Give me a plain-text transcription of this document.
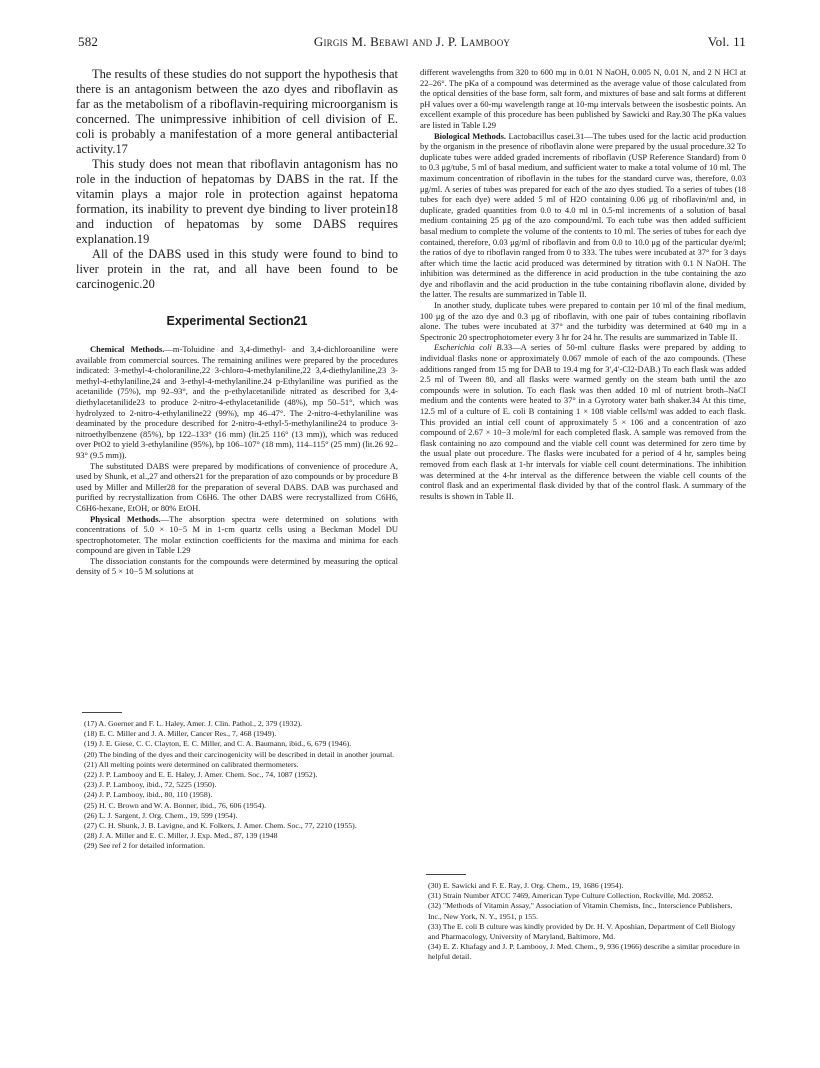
582	Girgis M. Bebawi and J. P. Lambooy	Vol. 11

The results of these studies do not support the hypothesis that there is an antagonism between the azo dyes and riboflavin as far as the metabolism of a riboflavin-requiring microorganism is concerned. The unimpressive inhibition of cell division of E. coli is probably a manifestation of a more general antibacterial activity.17

This study does not mean that riboflavin antagonism has no role in the induction of hepatomas by DABS in the rat. If the vitamin plays a major role in protection against hepatoma formation, its inability to prevent dye binding to liver protein18 and induction of hepatomas by some DABS requires explanation.19

All of the DABS used in this study were found to bind to liver protein in the rat, and all have been found to be carcinogenic.20

Experimental Section21

Chemical Methods.—m-Toluidine and 3,4-dimethyl- and 3,4-dichloroaniline were available from commercial sources. The remaining anilines were prepared by the procedures indicated: 3-methyl-4-choloraniline,22 3-chloro-4-methylaniline,22 3,4-diethylaniline,23 3-methyl-4-ethylaniline,24 and 3-ethyl-4-methylaniline.24 p-Ethylaniline was purified as the acetanilide (75%), mp 92–93°, and the p-ethylacetanilide nitrated as described for 3,4-diethylacetanilide23 to produce 2-nitro-4-ethylacetanilide (48%), mp 50–51°, which was hydrolyzed to 2-nitro-4-ethylaniline22 (99%), mp 46–47°. The 2-nitro-4-ethylaniline was deaminated by the procedure described for 2-nitro-4-ethyl-5-methylaniline24 to produce 3-nitroethylbenzene (85%), bp 122–133° (16 mm) (lit.25 116° (13 mm)), which was reduced over PtO2 to yield 3-ethylaniline (95%), bp 106–107° (18 mm), 114–115° (25 mm) (lit.26 92–93° (9.5 mm)).

The substituted DABS were prepared by modifications of convenience of procedure A, used by Shunk, et al.,27 and others21 for the preparation of azo compounds or by procedure B used by Miller and Miller28 for the preparation of several DABS. DAB was purchased and purified by recrystallization from C6H6. The other DABS were recrystallized from C6H6, C6H6-hexane, EtOH, or 80% EtOH.

Physical Methods.—The absorption spectra were determined on solutions with concentrations of 5.0 × 10−5 M in 1-cm quartz cells using a Beckman Model DU spectrophotometer. The molar extinction coefficients for the maxima and minima for each compound are given in Table I.29

The dissociation constants for the compounds were determined by measuring the optical density of 5 × 10−5 M solutions at

(17) A. Goerner and F. L. Haley, Amer. J. Clin. Pathol., 2, 379 (1932).

(18) E. C. Miller and J. A. Miller, Cancer Res., 7, 468 (1949).

(19) J. E. Giese, C. C. Clayton, E. C. Miller, and C. A. Baumann, ibid., 6, 679 (1946).

(20) The binding of the dyes and their carcinogenicity will be described in detail in another journal.

(21) All melting points were determined on calibrated thermometers.

(22) J. P. Lambooy and E. E. Haley, J. Amer. Chem. Soc., 74, 1087 (1952).

(23) J. P. Lambooy, ibid., 72, 5225 (1950).

(24) J. P. Lambooy, ibid., 80, 110 (1958).

(25) H. C. Brown and W. A. Bonner, ibid., 76, 606 (1954).

(26) L. J. Sargent, J. Org. Chem., 19, 599 (1954).

(27) C. H. Shunk, J. B. Lavigne, and K. Folkers, J. Amer. Chem. Soc., 77, 2210 (1955).

(28) J. A. Miller and E. C. Miller, J. Exp. Med., 87, 139 (1948

(29) See ref 2 for detailed information.

different wavelengths from 320 to 600 mμ in 0.01 N NaOH, 0.005 N, 0.01 N, and 2 N HCl at 22–26°. The pKa of a compound was determined as the average value of those calculated from the optical densities of the base form, salt form, and mixtures of base and salt forms at different pH values over a 60-mμ wavelength range at 10-mμ intervals between the isosbestic points. An excellent example of this procedure has been published by Sawicki and Ray.30 The pKa values are listed in Table I.29

Biological Methods. Lactobacillus casei.31—The tubes used for the lactic acid production by the organism in the presence of riboflavin alone were prepared by the usual procedure.32 To duplicate tubes were added graded increments of riboflavin (USP Reference Standard) from 0 to 0.3 μg/tube, 5 ml of basal medium, and sufficient water to make a total volume of 10 ml. The maximum concentration of riboflavin in the tubes for the standard curve was, therefore, 0.03 μg/ml. A series of tubes was prepared for each of the azo dyes studied. To a series of tubes (18 tubes for each dye) were added 5 ml of H2O containing 0.06 μg of riboflavin/ml and, in duplicate, graded quantities from 0.0 to 4.0 ml in 0.5-ml increments of a solution of basal medium containing 25 μg of the azo compound/ml. To each tube was then added sufficient basal medium to complete the volume of the contents to 10 ml. The series of tubes for each dye contained, therefore, 0.03 μg/ml of riboflavin and from 0.0 to 10.0 μg of the particular dye/ml; the ratios of dye to riboflavin ranged from 0 to 333. The tubes were incubated at 37° for 3 days after which time the lactic acid produced was determined by titration with 0.1 N NaOH. The inhibition was determined as the difference in acid production in the tube containing the azo dye and riboflavin and the acid production in the tube containing riboflavin alone, divided by the latter. The results are summarized in Table II.

In another study, duplicate tubes were prepared to contain per 10 ml of the final medium, 100 μg of the azo dye and 0.3 μg of riboflavin, with one pair of tubes containing riboflavin alone. The tubes were incubated at 37° and the turbidity was determined at 640 mμ in a Spectronic 20 spectrophotometer every 3 hr for 24 hr. The results are summarized in Table II.

Escherichia coli B.33—A series of 50-ml culture flasks were prepared by adding to individual flasks none or approximately 0.067 mmole of each of the azo compounds. (These additions ranged from 15 mg for DAB to 19.4 mg for 3′,4′-Cl2-DAB.) To each flask was added 2.5 ml of Tween 80, and all flasks were warmed gently on the steam bath until the azo compounds were in solution. To each flask was then added 10 ml of nutrient broth–NaCl medium and the contents were heated to 37° in a Gyrotory water bath shaker.34 At this time, 12.5 ml of a culture of E. coli B containing 1 × 108 viable cells/ml was added to each flask. This provided an intial cell count of approximately 5 × 106 and a concentration of azo compound of 2.67 × 10−3 mole/ml for each completed flask. A sample was removed from the flask containing no azo compound and the viable cell count was determined for zero time by the usual plate out procedure. The flasks were incubated for a period of 4 hr, samples being removed from each flask at 1-hr intervals for viable cell count determinations. The inhibition was determined at the 4-hr interval as the difference between the viable cell counts of the control flask and an experimental flask divided by that of the control flask. A summary of the results is shown in Table II.

(30) E. Sawicki and F. E. Ray, J. Org. Chem., 19, 1686 (1954).

(31) Strain Number ATCC 7469, American Type Culture Collection, Rockville, Md. 20852.

(32) "Methods of Vitamin Assay," Association of Vitamin Chemists, Inc., Interscience Publishers, Inc., New York, N. Y., 1951, p 155.

(33) The E. coli B culture was kindly provided by Dr. H. V. Aposhian, Department of Cell Biology and Pharmacology, University of Maryland, Baltimore, Md.

(34) E. Z. Khafagy and J. P. Lambooy, J. Med. Chem., 9, 936 (1966) describe a similar procedure in helpful detail.
